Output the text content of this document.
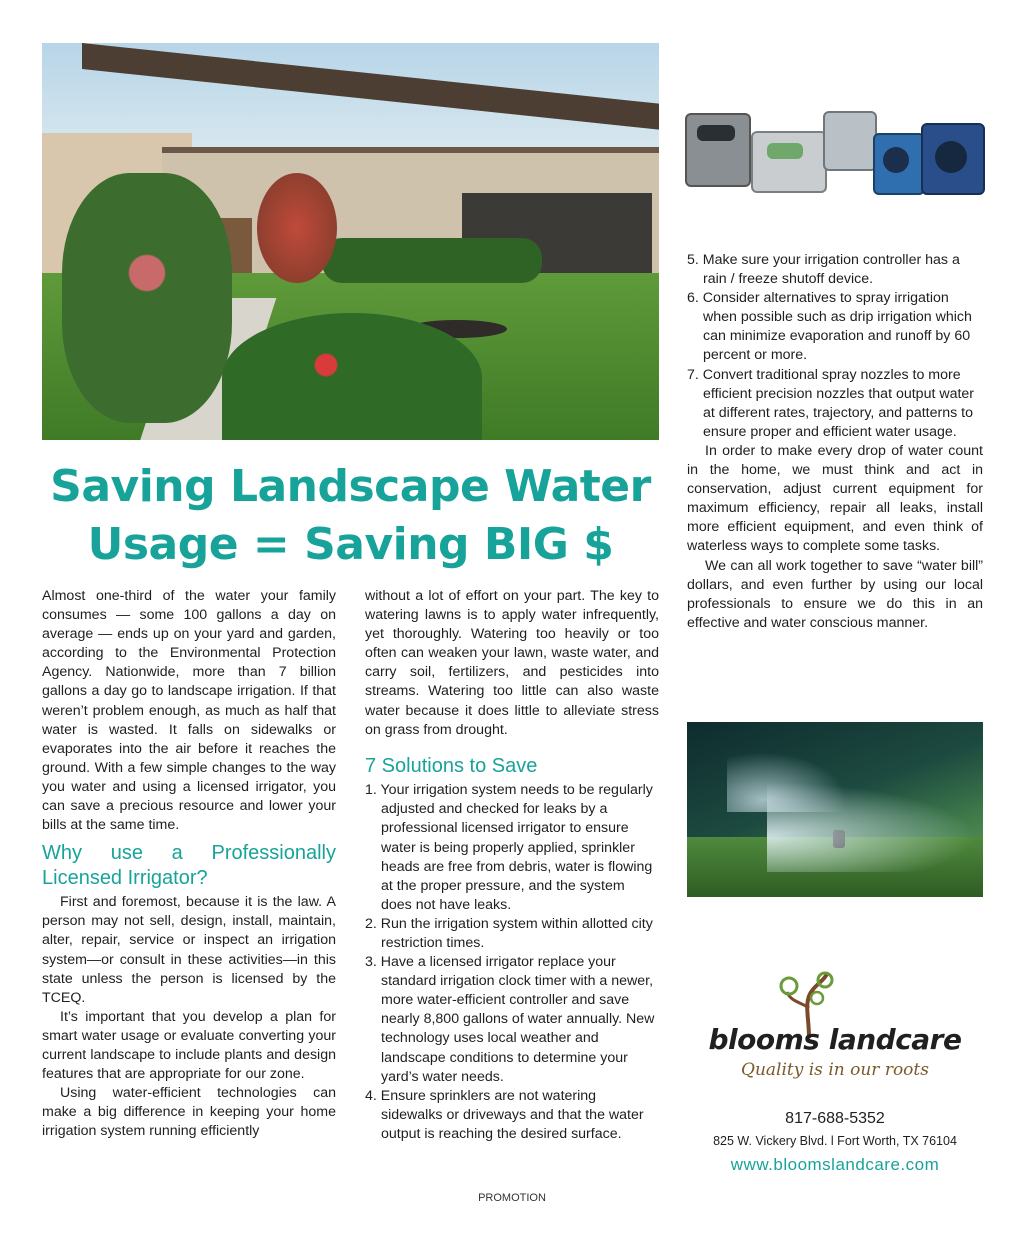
Saving Landscape Water
Usage = Saving BIG $

Almost one-third of the water your family consumes — some 100 gallons a day on average — ends up on your yard and garden, according to the Environmental Protection Agency. Nationwide, more than 7 billion gallons a day go to landscape irrigation. If that weren’t problem enough, as much as half that water is wasted. It falls on sidewalks or evaporates into the air before it reaches the ground. With a few simple changes to the way you water and using a licensed irrigator, you can save a precious resource and lower your bills at the same time.

Why use a Professionally Licensed Irrigator?

First and foremost, because it is the law. A person may not sell, design, install, maintain, alter, repair, service or inspect an irrigation system—or consult in these activities—in this state unless the person is licensed by the TCEQ.

It’s important that you develop a plan for smart water usage or evaluate converting your current landscape to include plants and design features that are appropriate for our zone.

Using water-efficient technologies can make a big difference in keeping your home irrigation system running efficiently

without a lot of effort on your part. The key to watering lawns is to apply water infrequently, yet thoroughly. Watering too heavily or too often can weaken your lawn, waste water, and carry soil, fertilizers, and pesticides into streams. Watering too little can also waste water because it does little to alleviate stress on grass from drought.

7 Solutions to Save
1. Your irrigation system needs to be regularly adjusted and checked for leaks by a professional licensed irrigator to ensure water is being properly applied, sprinkler heads are free from debris, water is flowing at the proper pressure, and the system does not have leaks.
2. Run the irrigation system within allotted city restriction times.
3. Have a licensed irrigator replace your standard irrigation clock timer with a newer, more water-efficient controller and save nearly 8,800 gallons of water annually. New technology uses local weather and landscape conditions to determine your yard’s water needs.
4. Ensure sprinklers are not watering sidewalks or driveways and that the water output is reaching the desired surface.
5. Make sure your irrigation controller has a rain / freeze shutoff device.
6. Consider alternatives to spray irrigation when possible such as drip irrigation which can minimize evaporation and runoff by 60 percent or more.
7. Convert traditional spray nozzles to more efficient precision nozzles that output water at different rates, trajectory, and patterns to ensure proper and efficient water usage.

In order to make every drop of water count in the home, we must think and act in conservation, adjust current equipment for maximum efficiency, repair all leaks, install more efficient equipment, and even think of waterless ways to complete some tasks.

We can all work together to save “water bill” dollars, and even further by using our local professionals to ensure we do this in an effective and water conscious manner.

blooms landcare
Quality is in our roots
817-688-5352
825 W. Vickery Blvd. l Fort Worth, TX 76104
www.bloomslandcare.com
PROMOTION
